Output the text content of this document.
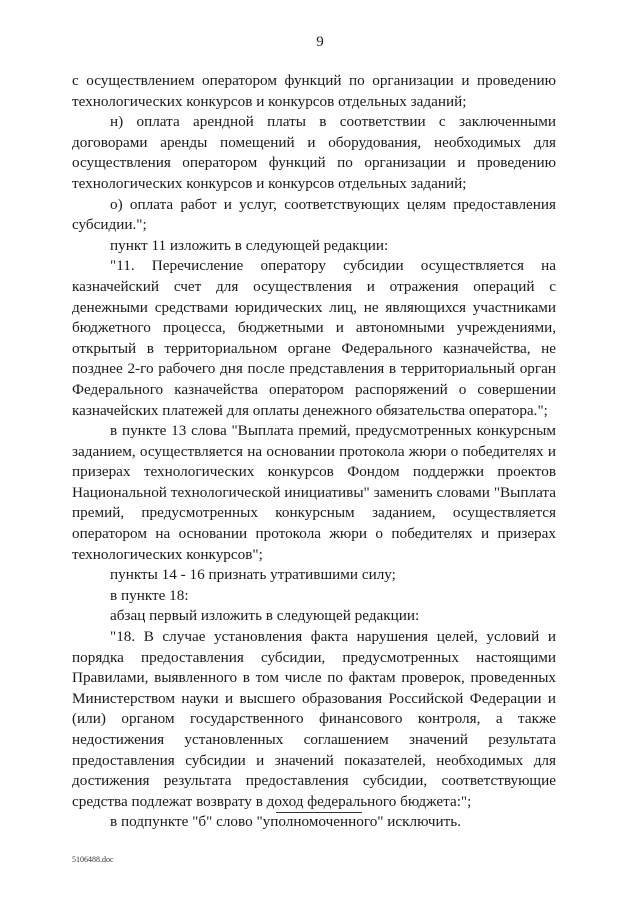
9

с осуществлением оператором функций по организации и проведению технологических конкурсов и конкурсов отдельных заданий;

н) оплата арендной платы в соответствии с заключенными договорами аренды помещений и оборудования, необходимых для осуществления оператором функций по организации и проведению технологических конкурсов и конкурсов отдельных заданий;

о) оплата работ и услуг, соответствующих целям предоставления субсидии.";

пункт 11 изложить в следующей редакции:

"11. Перечисление оператору субсидии осуществляется на казначейский счет для осуществления и отражения операций с денежными средствами юридических лиц, не являющихся участниками бюджетного процесса, бюджетными и автономными учреждениями, открытый в территориальном органе Федерального казначейства, не позднее 2-го рабочего дня после представления в территориальный орган Федерального казначейства оператором распоряжений о совершении казначейских платежей для оплаты денежного обязательства оператора.";

в пункте 13 слова "Выплата премий, предусмотренных конкурсным заданием, осуществляется на основании протокола жюри о победителях и призерах технологических конкурсов Фондом поддержки проектов Национальной технологической инициативы" заменить словами "Выплата премий, предусмотренных конкурсным заданием, осуществляется оператором на основании протокола жюри о победителях и призерах технологических конкурсов";

пункты 14 - 16 признать утратившими силу;

в пункте 18:

абзац первый изложить в следующей редакции:

"18. В случае установления факта нарушения целей, условий и порядка предоставления субсидии, предусмотренных настоящими Правилами, выявленного в том числе по фактам проверок, проведенных Министерством науки и высшего образования Российской Федерации и (или) органом государственного финансового контроля, а также недостижения установленных соглашением значений результата предоставления субсидии и значений показателей, необходимых для достижения результата предоставления субсидии, соответствующие средства подлежат возврату в доход федерального бюджета:";

в подпункте "б" слово "уполномоченного" исключить.

5106488.doc
